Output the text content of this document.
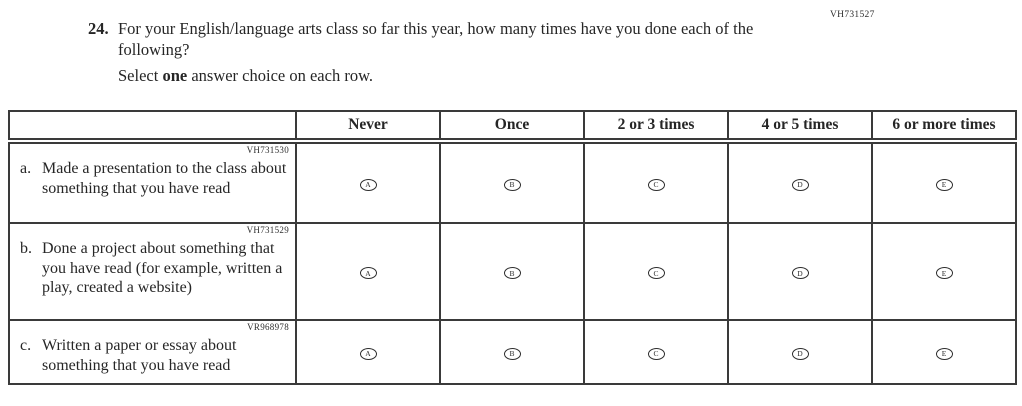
VH731527
24. For your English/language arts class so far this year, how many times have you done each of the following?
Select one answer choice on each row.
	Never	Once	2 or 3 times	4 or 5 times	6 or more times

VH731530
a. Made a presentation to the class about something that you have read	A	B	C	D	E

VH731529
b. Done a project about something that you have read (for example, written a play, created a website)	A	B	C	D	E

VR968978
c. Written a paper or essay about something that you have read	A	B	C	D	E
